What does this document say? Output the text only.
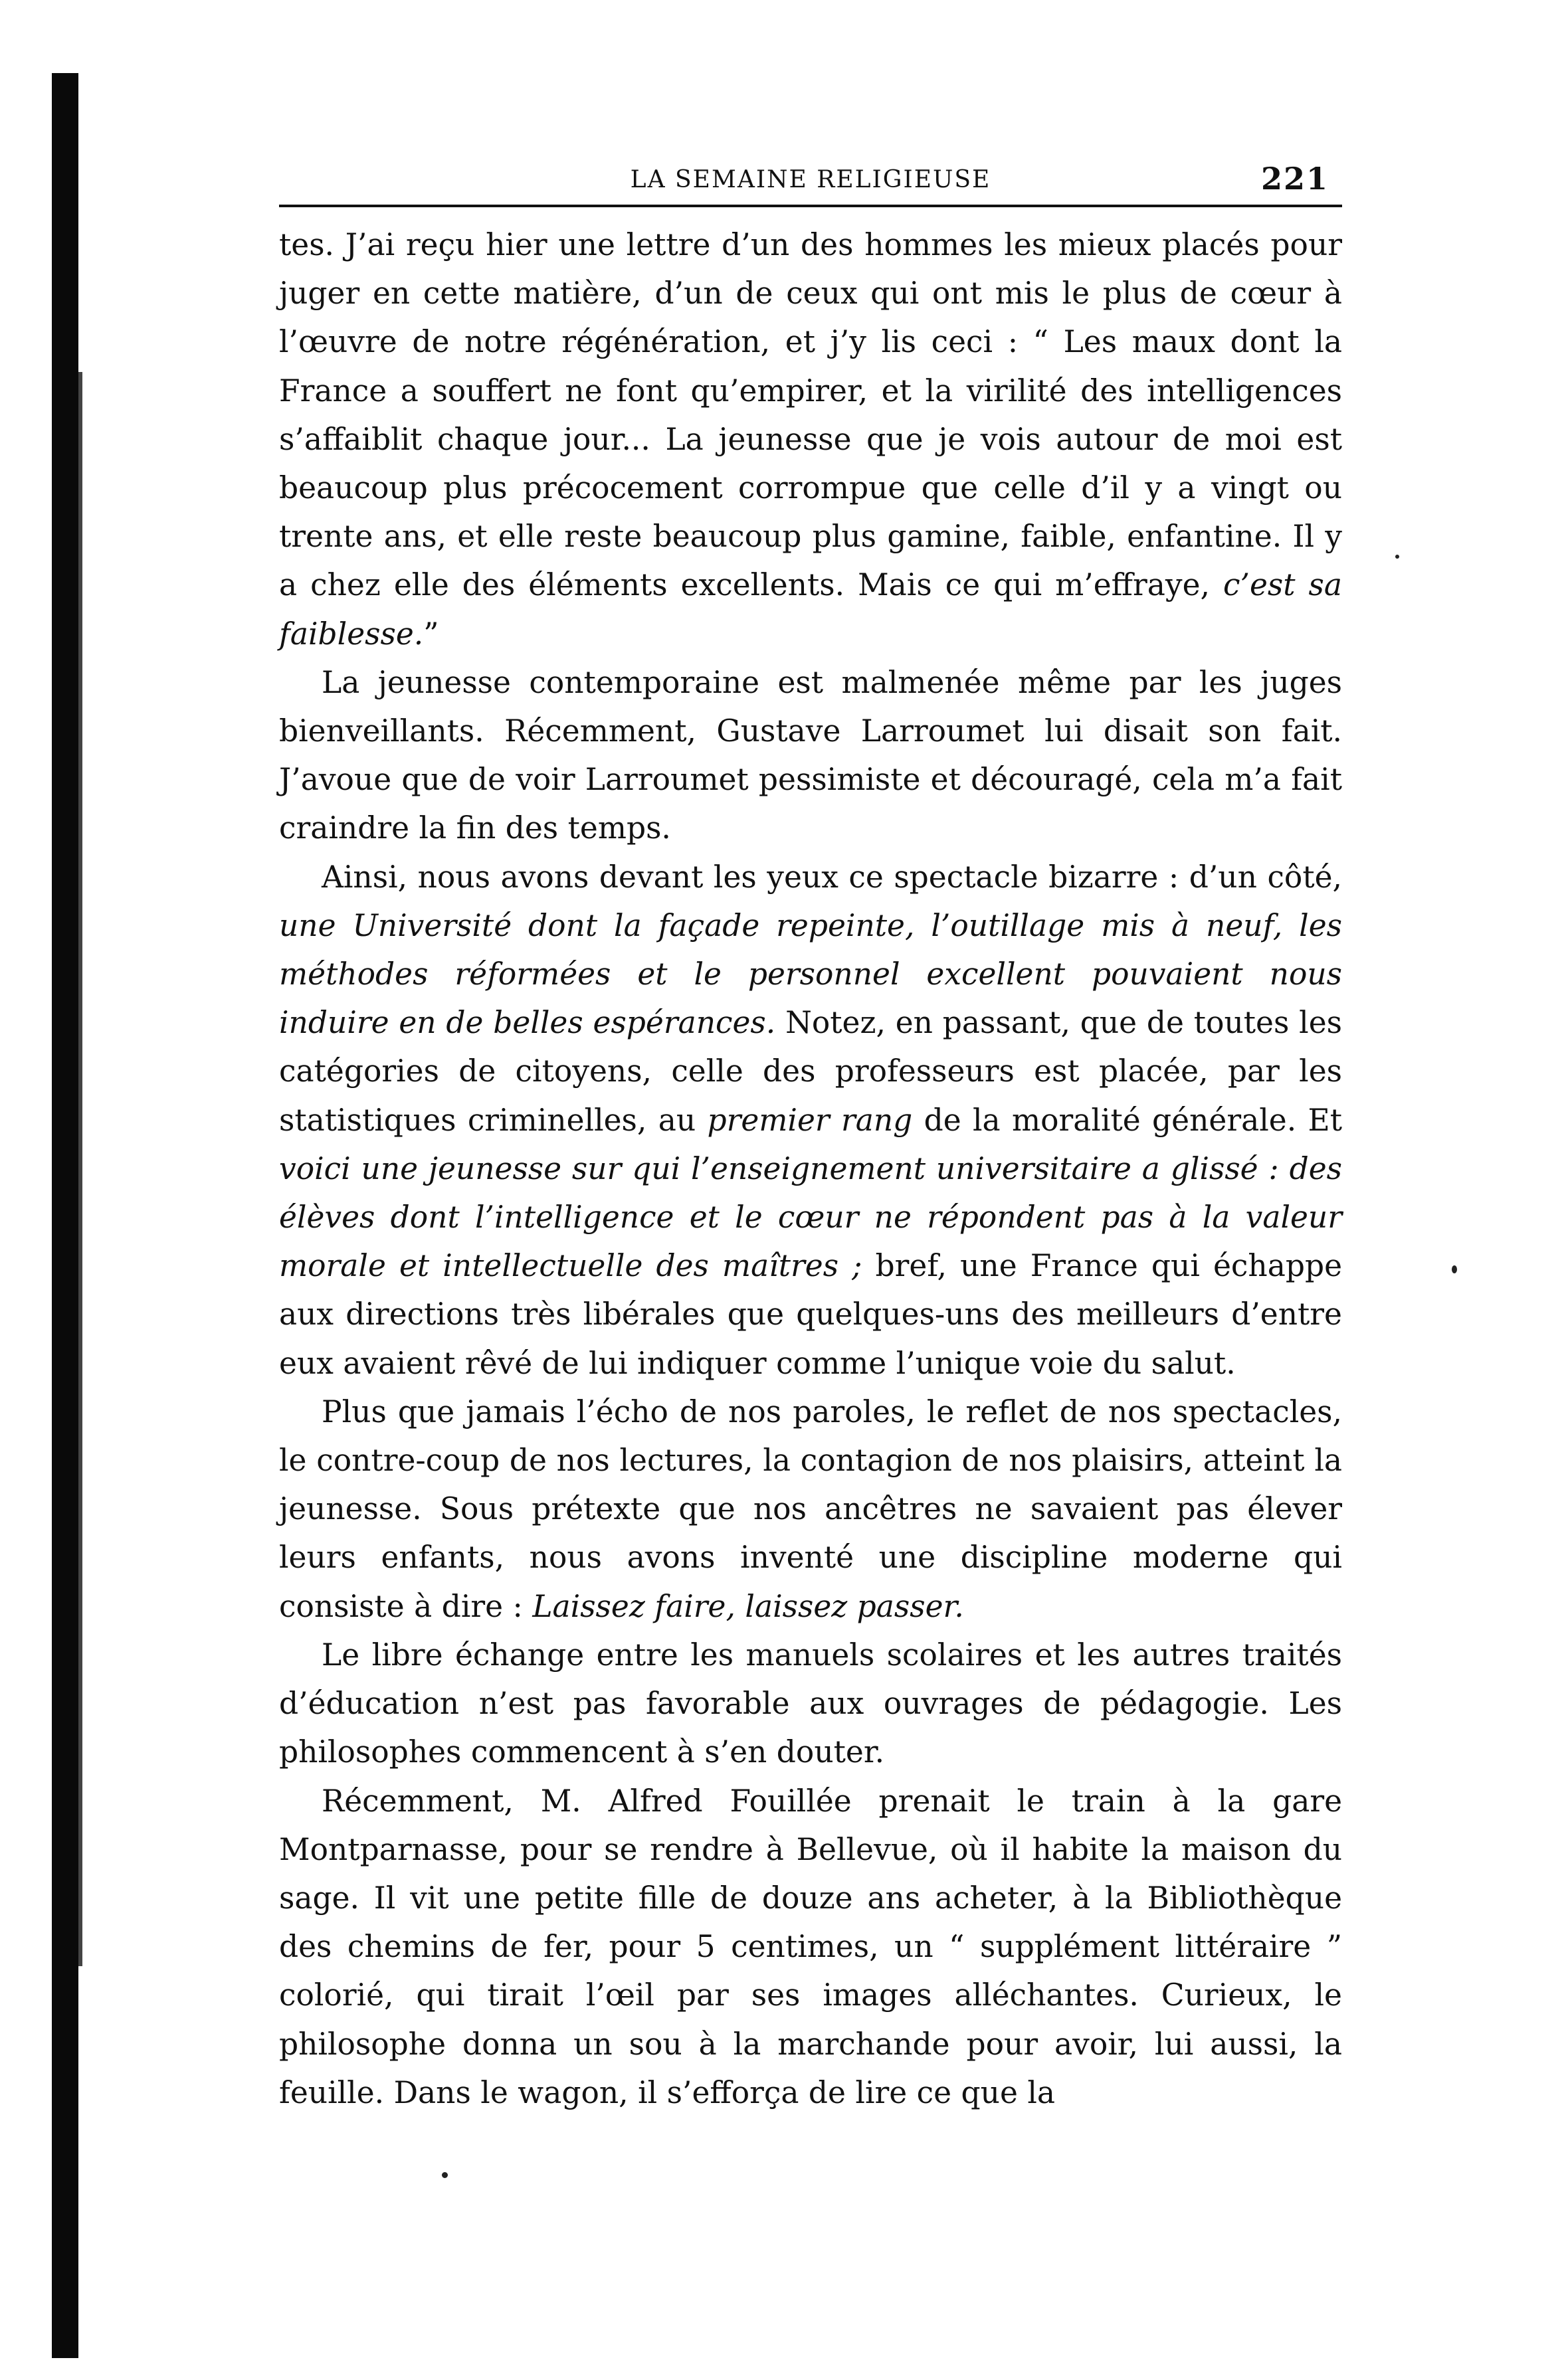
LA SEMAINE RELIGIEUSE	221

tes. J’ai reçu hier une lettre d’un des hommes les mieux placés pour juger en cette matière, d’un de ceux qui ont mis le plus de cœur à l’œuvre de notre régénération, et j’y lis ceci : “ Les maux dont la France a souffert ne font qu’empirer, et la virilité des intelligences s’affaiblit chaque jour... La jeunesse que je vois autour de moi est beaucoup plus précocement corrompue que celle d’il y a vingt ou trente ans, et elle reste beaucoup plus gamine, faible, enfantine. Il y a chez elle des éléments excellents. Mais ce qui m’effraye, c’est sa faiblesse.”

La jeunesse contemporaine est malmenée même par les juges bienveillants. Récemment, Gustave Larroumet lui disait son fait. J’avoue que de voir Larroumet pessimiste et découragé, cela m’a fait craindre la fin des temps.

Ainsi, nous avons devant les yeux ce spectacle bizarre : d’un côté, une Université dont la façade repeinte, l’outillage mis à neuf, les méthodes réformées et le personnel excellent pouvaient nous induire en de belles espérances. Notez, en passant, que de toutes les catégories de citoyens, celle des professeurs est placée, par les statistiques criminelles, au premier rang de la moralité générale. Et voici une jeunesse sur qui l’enseignement universitaire a glissé : des élèves dont l’intelligence et le cœur ne répondent pas à la valeur morale et intellectuelle des maîtres ; bref, une France qui échappe aux directions très libérales que quelques-uns des meilleurs d’entre eux avaient rêvé de lui indiquer comme l’unique voie du salut.

Plus que jamais l’écho de nos paroles, le reflet de nos spectacles, le contre-coup de nos lectures, la contagion de nos plaisirs, atteint la jeunesse. Sous prétexte que nos ancêtres ne savaient pas élever leurs enfants, nous avons inventé une discipline moderne qui consiste à dire : Laissez faire, laissez passer.

Le libre échange entre les manuels scolaires et les autres traités d’éducation n’est pas favorable aux ouvrages de pédagogie. Les philosophes commencent à s’en douter.

Récemment, M. Alfred Fouillée prenait le train à la gare Montparnasse, pour se rendre à Bellevue, où il habite la maison du sage. Il vit une petite fille de douze ans acheter, à la Bibliothèque des chemins de fer, pour 5 centimes, un “ supplément littéraire ” colorié, qui tirait l’œil par ses images alléchantes. Curieux, le philosophe donna un sou à la marchande pour avoir, lui aussi, la feuille. Dans le wagon, il s’efforça de lire ce que la
